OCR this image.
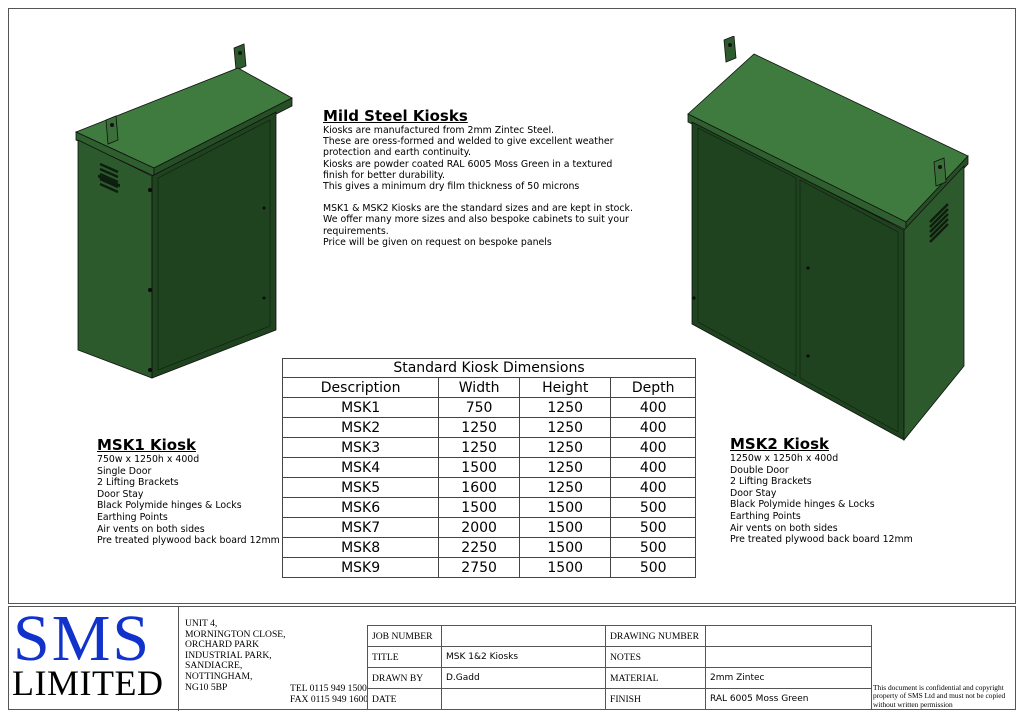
Mild Steel Kiosks

Kiosks are manufactured from 2mm Zintec Steel.

These are oress-formed and welded to give excellent weather

protection and earth continuity.

Kiosks are powder coated RAL 6005 Moss Green in a textured

finish for better durability.

This gives a minimum dry film thickness of 50 microns

MSK1 & MSK2 Kiosks are the standard sizes and are kept in stock.

We offer many more sizes and also bespoke cabinets to suit your requirements.

Price will be given on request on bespoke panels

MSK1 Kiosk
750w x 1250h x 400d
Single Door
2 Lifting Brackets
Door Stay
Black Polymide hinges & Locks
Earthing Points
Air vents on both sides
Pre treated plywood back board 12mm
MSK2 Kiosk
1250w x 1250h x 400d
Double Door
2 Lifting Brackets
Door Stay
Black Polymide hinges & Locks
Earthing Points
Air vents on both sides
Pre treated plywood back board 12mm
Standard Kiosk Dimensions
Description	Width	Height	Depth
MSK1	750	1250	400
MSK2	1250	1250	400
MSK3	1250	1250	400
MSK4	1500	1250	400
MSK5	1600	1250	400
MSK6	1500	1500	500
MSK7	2000	1500	500
MSK8	2250	1500	500
MSK9	2750	1500	500
SMS
LIMITED
UNIT 4,
MORNINGTON CLOSE,
ORCHARD PARK
INDUSTRIAL PARK,
SANDIACRE,
NOTTINGHAM,
NG10 5BP	TEL 0115 949 1500
FAX 0115 949 1600
JOB NUMBER		DRAWING NUMBER	
TITLE	MSK 1&2 Kiosks	NOTES	
DRAWN BY	D.Gadd	MATERIAL	2mm Zintec
DATE		FINISH	RAL 6005 Moss Green
This document is confidential and copyright property of SMS Ltd and must not be copied without written permission
